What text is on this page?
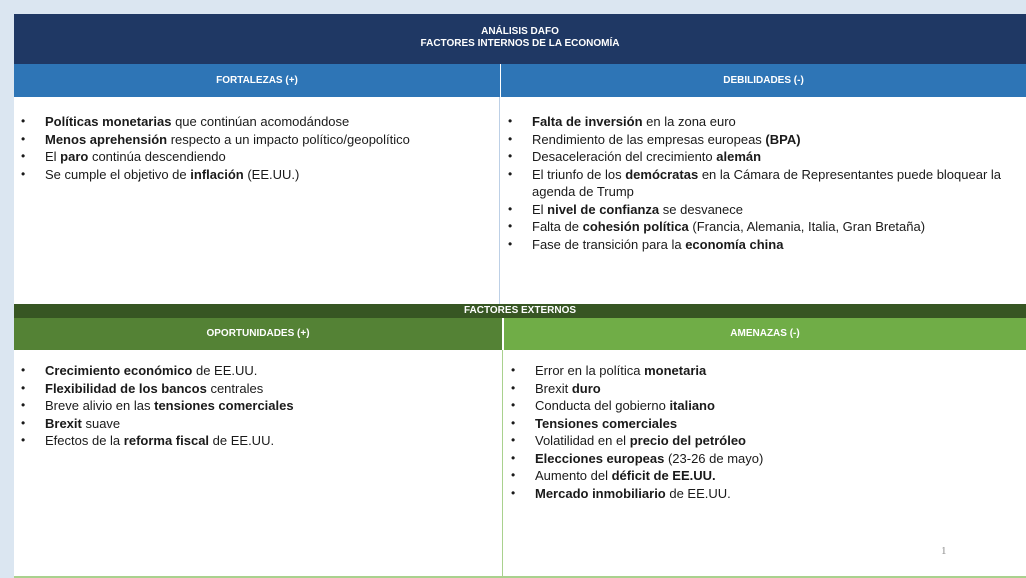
ANÁLISIS DAFO
FACTORES INTERNOS DE LA ECONOMÍA
FORTALEZAS (+)	DEBILIDADES (-)
• Políticas monetarias que continúan acomodándose
• Menos aprehensión respecto a un impacto político/geopolítico
• El paro continúa descendiendo
• Se cumple el objetivo de inflación (EE.UU.)
• Falta de inversión en la zona euro
• Rendimiento de las empresas europeas (BPA)
• Desaceleración del crecimiento alemán
• El triunfo de los demócratas en la Cámara de Representantes puede bloquear la agenda de Trump
• El nivel de confianza se desvanece
• Falta de cohesión política (Francia, Alemania, Italia, Gran Bretaña)
• Fase de transición para la economía china
FACTORES EXTERNOS
OPORTUNIDADES (+)	AMENAZAS (-)
• Crecimiento económico de EE.UU.
• Flexibilidad de los bancos centrales
• Breve alivio en las tensiones comerciales
• Brexit suave
• Efectos de la reforma fiscal de EE.UU.
• Error en la política monetaria
• Brexit duro
• Conducta del gobierno italiano
• Tensiones comerciales
• Volatilidad en el precio del petróleo
• Elecciones europeas (23-26 de mayo)
• Aumento del déficit de EE.UU.
• Mercado inmobiliario de EE.UU.
1
